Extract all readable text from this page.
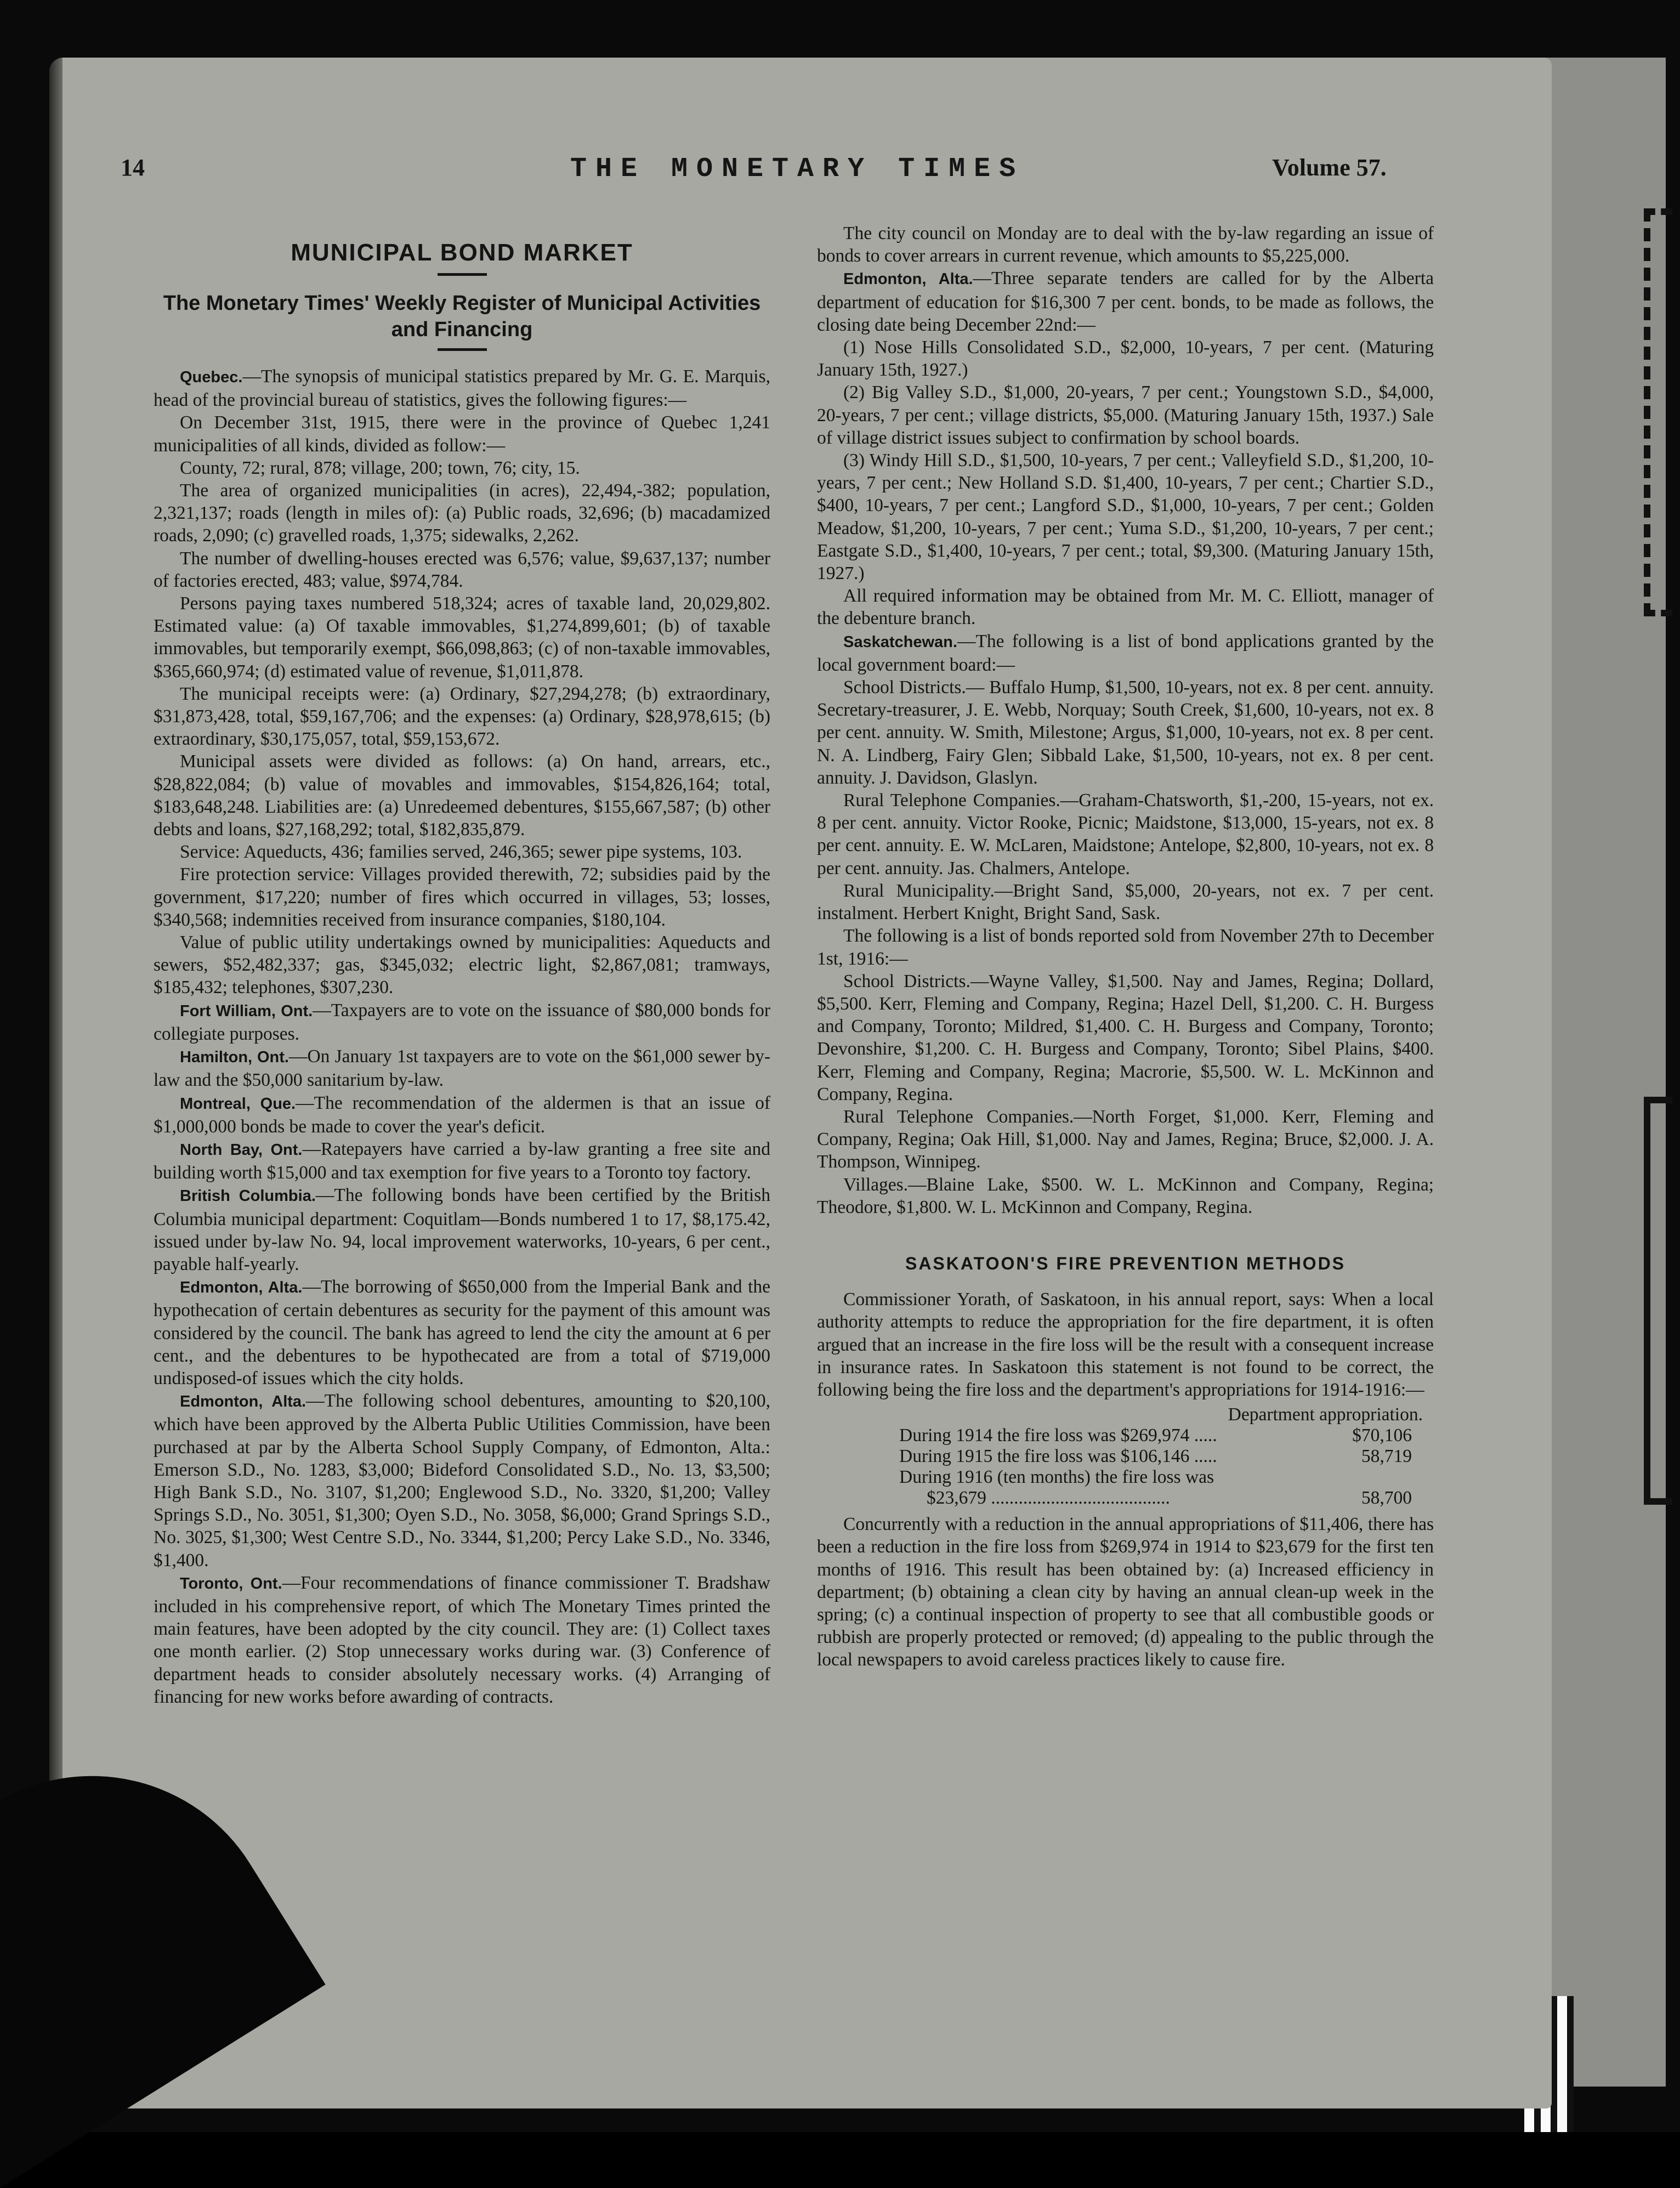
14	THE MONETARY TIMES	Volume 57.
MUNICIPAL BOND MARKET
The Monetary Times' Weekly Register of Municipal Activities and Financing

Quebec.—The synopsis of municipal statistics prepared by Mr. G. E. Marquis, head of the provincial bureau of statistics, gives the following figures:—

On December 31st, 1915, there were in the province of Quebec 1,241 municipalities of all kinds, divided as follow:—

County, 72; rural, 878; village, 200; town, 76; city, 15.

The area of organized municipalities (in acres), 22,494,-382; population, 2,321,137; roads (length in miles of): (a) Public roads, 32,696; (b) macadamized roads, 2,090; (c) gravelled roads, 1,375; sidewalks, 2,262.

The number of dwelling-houses erected was 6,576; value, $9,637,137; number of factories erected, 483; value, $974,784.

Persons paying taxes numbered 518,324; acres of taxable land, 20,029,802. Estimated value: (a) Of taxable immovables, $1,274,899,601; (b) of taxable immovables, but temporarily exempt, $66,098,863; (c) of non-taxable immovables, $365,660,974; (d) estimated value of revenue, $1,011,878.

The municipal receipts were: (a) Ordinary, $27,294,278; (b) extraordinary, $31,873,428, total, $59,167,706; and the expenses: (a) Ordinary, $28,978,615; (b) extraordinary, $30,175,057, total, $59,153,672.

Municipal assets were divided as follows: (a) On hand, arrears, etc., $28,822,084; (b) value of movables and immovables, $154,826,164; total, $183,648,248. Liabilities are: (a) Unredeemed debentures, $155,667,587; (b) other debts and loans, $27,168,292; total, $182,835,879.

Service: Aqueducts, 436; families served, 246,365; sewer pipe systems, 103.

Fire protection service: Villages provided therewith, 72; subsidies paid by the government, $17,220; number of fires which occurred in villages, 53; losses, $340,568; indemnities received from insurance companies, $180,104.

Value of public utility undertakings owned by municipalities: Aqueducts and sewers, $52,482,337; gas, $345,032; electric light, $2,867,081; tramways, $185,432; telephones, $307,230.

Fort William, Ont.—Taxpayers are to vote on the issuance of $80,000 bonds for collegiate purposes.

Hamilton, Ont.—On January 1st taxpayers are to vote on the $61,000 sewer by-law and the $50,000 sanitarium by-law.

Montreal, Que.—The recommendation of the aldermen is that an issue of $1,000,000 bonds be made to cover the year's deficit.

North Bay, Ont.—Ratepayers have carried a by-law granting a free site and building worth $15,000 and tax exemption for five years to a Toronto toy factory.

British Columbia.—The following bonds have been certified by the British Columbia municipal department: Coquitlam—Bonds numbered 1 to 17, $8,175.42, issued under by-law No. 94, local improvement waterworks, 10-years, 6 per cent., payable half-yearly.

Edmonton, Alta.—The borrowing of $650,000 from the Imperial Bank and the hypothecation of certain debentures as security for the payment of this amount was considered by the council. The bank has agreed to lend the city the amount at 6 per cent., and the debentures to be hypothecated are from a total of $719,000 undisposed-of issues which the city holds.

Edmonton, Alta.—The following school debentures, amounting to $20,100, which have been approved by the Alberta Public Utilities Commission, have been purchased at par by the Alberta School Supply Company, of Edmonton, Alta.: Emerson S.D., No. 1283, $3,000; Bideford Consolidated S.D., No. 13, $3,500; High Bank S.D., No. 3107, $1,200; Englewood S.D., No. 3320, $1,200; Valley Springs S.D., No. 3051, $1,300; Oyen S.D., No. 3058, $6,000; Grand Springs S.D., No. 3025, $1,300; West Centre S.D., No. 3344, $1,200; Percy Lake S.D., No. 3346, $1,400.

Toronto, Ont.—Four recommendations of finance commissioner T. Bradshaw included in his comprehensive report, of which The Monetary Times printed the main features, have been adopted by the city council. They are: (1) Collect taxes one month earlier. (2) Stop unnecessary works during war. (3) Conference of department heads to consider absolutely necessary works. (4) Arranging of financing for new works before awarding of contracts.

The city council on Monday are to deal with the by-law regarding an issue of bonds to cover arrears in current revenue, which amounts to $5,225,000.

Edmonton, Alta.—Three separate tenders are called for by the Alberta department of education for $16,300 7 per cent. bonds, to be made as follows, the closing date being December 22nd:—

(1) Nose Hills Consolidated S.D., $2,000, 10-years, 7 per cent. (Maturing January 15th, 1927.)

(2) Big Valley S.D., $1,000, 20-years, 7 per cent.; Youngstown S.D., $4,000, 20-years, 7 per cent.; village districts, $5,000. (Maturing January 15th, 1937.) Sale of village district issues subject to confirmation by school boards.

(3) Windy Hill S.D., $1,500, 10-years, 7 per cent.; Valleyfield S.D., $1,200, 10-years, 7 per cent.; New Holland S.D. $1,400, 10-years, 7 per cent.; Chartier S.D., $400, 10-years, 7 per cent.; Langford S.D., $1,000, 10-years, 7 per cent.; Golden Meadow, $1,200, 10-years, 7 per cent.; Yuma S.D., $1,200, 10-years, 7 per cent.; Eastgate S.D., $1,400, 10-years, 7 per cent.; total, $9,300. (Maturing January 15th, 1927.)

All required information may be obtained from Mr. M. C. Elliott, manager of the debenture branch.

Saskatchewan.—The following is a list of bond applications granted by the local government board:—

School Districts.— Buffalo Hump, $1,500, 10-years, not ex. 8 per cent. annuity. Secretary-treasurer, J. E. Webb, Norquay; South Creek, $1,600, 10-years, not ex. 8 per cent. annuity. W. Smith, Milestone; Argus, $1,000, 10-years, not ex. 8 per cent. N. A. Lindberg, Fairy Glen; Sibbald Lake, $1,500, 10-years, not ex. 8 per cent. annuity. J. Davidson, Glaslyn.

Rural Telephone Companies.—Graham-Chatsworth, $1,-200, 15-years, not ex. 8 per cent. annuity. Victor Rooke, Picnic; Maidstone, $13,000, 15-years, not ex. 8 per cent. annuity. E. W. McLaren, Maidstone; Antelope, $2,800, 10-years, not ex. 8 per cent. annuity. Jas. Chalmers, Antelope.

Rural Municipality.—Bright Sand, $5,000, 20-years, not ex. 7 per cent. instalment. Herbert Knight, Bright Sand, Sask.

The following is a list of bonds reported sold from November 27th to December 1st, 1916:—

School Districts.—Wayne Valley, $1,500. Nay and James, Regina; Dollard, $5,500. Kerr, Fleming and Company, Regina; Hazel Dell, $1,200. C. H. Burgess and Company, Toronto; Mildred, $1,400. C. H. Burgess and Company, Toronto; Devonshire, $1,200. C. H. Burgess and Company, Toronto; Sibel Plains, $400. Kerr, Fleming and Company, Regina; Macrorie, $5,500. W. L. McKinnon and Company, Regina.

Rural Telephone Companies.—North Forget, $1,000. Kerr, Fleming and Company, Regina; Oak Hill, $1,000. Nay and James, Regina; Bruce, $2,000. J. A. Thompson, Winnipeg.

Villages.—Blaine Lake, $500. W. L. McKinnon and Company, Regina; Theodore, $1,800. W. L. McKinnon and Company, Regina.

SASKATOON'S FIRE PREVENTION METHODS

Commissioner Yorath, of Saskatoon, in his annual report, says: When a local authority attempts to reduce the appropriation for the fire department, it is often argued that an increase in the fire loss will be the result with a consequent increase in insurance rates. In Saskatoon this statement is not found to be correct, the following being the fire loss and the department's appropriations for 1914-1916:—

Department appropriation.
During 1914 the fire loss was $269,974 .....	$70,106
During 1915 the fire loss was $106,146 .....	58,719
During 1916 (ten months) the fire loss was
$23,679 .......................................	58,700

Concurrently with a reduction in the annual appropriations of $11,406, there has been a reduction in the fire loss from $269,974 in 1914 to $23,679 for the first ten months of 1916. This result has been obtained by: (a) Increased efficiency in department; (b) obtaining a clean city by having an annual clean-up week in the spring; (c) a continual inspection of property to see that all combustible goods or rubbish are properly protected or removed; (d) appealing to the public through the local newspapers to avoid careless practices likely to cause fire.
